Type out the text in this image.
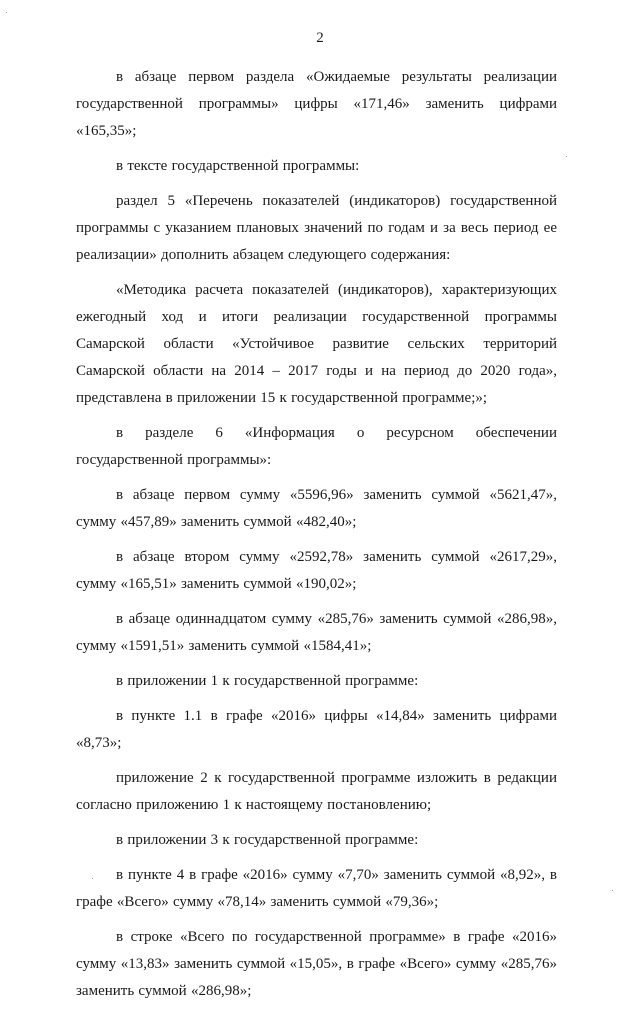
2

в абзаце первом раздела «Ожидаемые результаты реализации государственной программы» цифры «171,46» заменить цифрами «165,35»;

в тексте государственной программы:

раздел 5 «Перечень показателей (индикаторов) государственной программы с указанием плановых значений по годам и за весь период ее реализации» дополнить абзацем следующего содержания:

«Методика расчета показателей (индикаторов), характеризующих ежегодный ход и итоги реализации государственной программы Самарской области «Устойчивое развитие сельских территорий Самарской области на 2014 – 2017 годы и на период до 2020 года», представлена в приложении 15 к государственной программе;»;

в разделе 6 «Информация о ресурсном обеспечении государственной программы»:

в абзаце первом сумму «5596,96» заменить суммой «5621,47», сумму «457,89» заменить суммой «482,40»;

в абзаце втором сумму «2592,78» заменить суммой «2617,29», сумму «165,51» заменить суммой «190,02»;

в абзаце одиннадцатом сумму «285,76» заменить суммой «286,98», сумму «1591,51» заменить суммой «1584,41»;

в приложении 1 к государственной программе:

в пункте 1.1 в графе «2016» цифры «14,84» заменить цифрами «8,73»;

приложение 2 к государственной программе изложить в редакции согласно приложению 1 к настоящему постановлению;

в приложении 3 к государственной программе:

в пункте 4 в графе «2016» сумму «7,70» заменить суммой «8,92», в графе «Всего» сумму «78,14» заменить суммой «79,36»;

в строке «Всего по государственной программе» в графе «2016» сумму «13,83» заменить суммой «15,05», в графе «Всего» сумму «285,76» заменить суммой «286,98»;
